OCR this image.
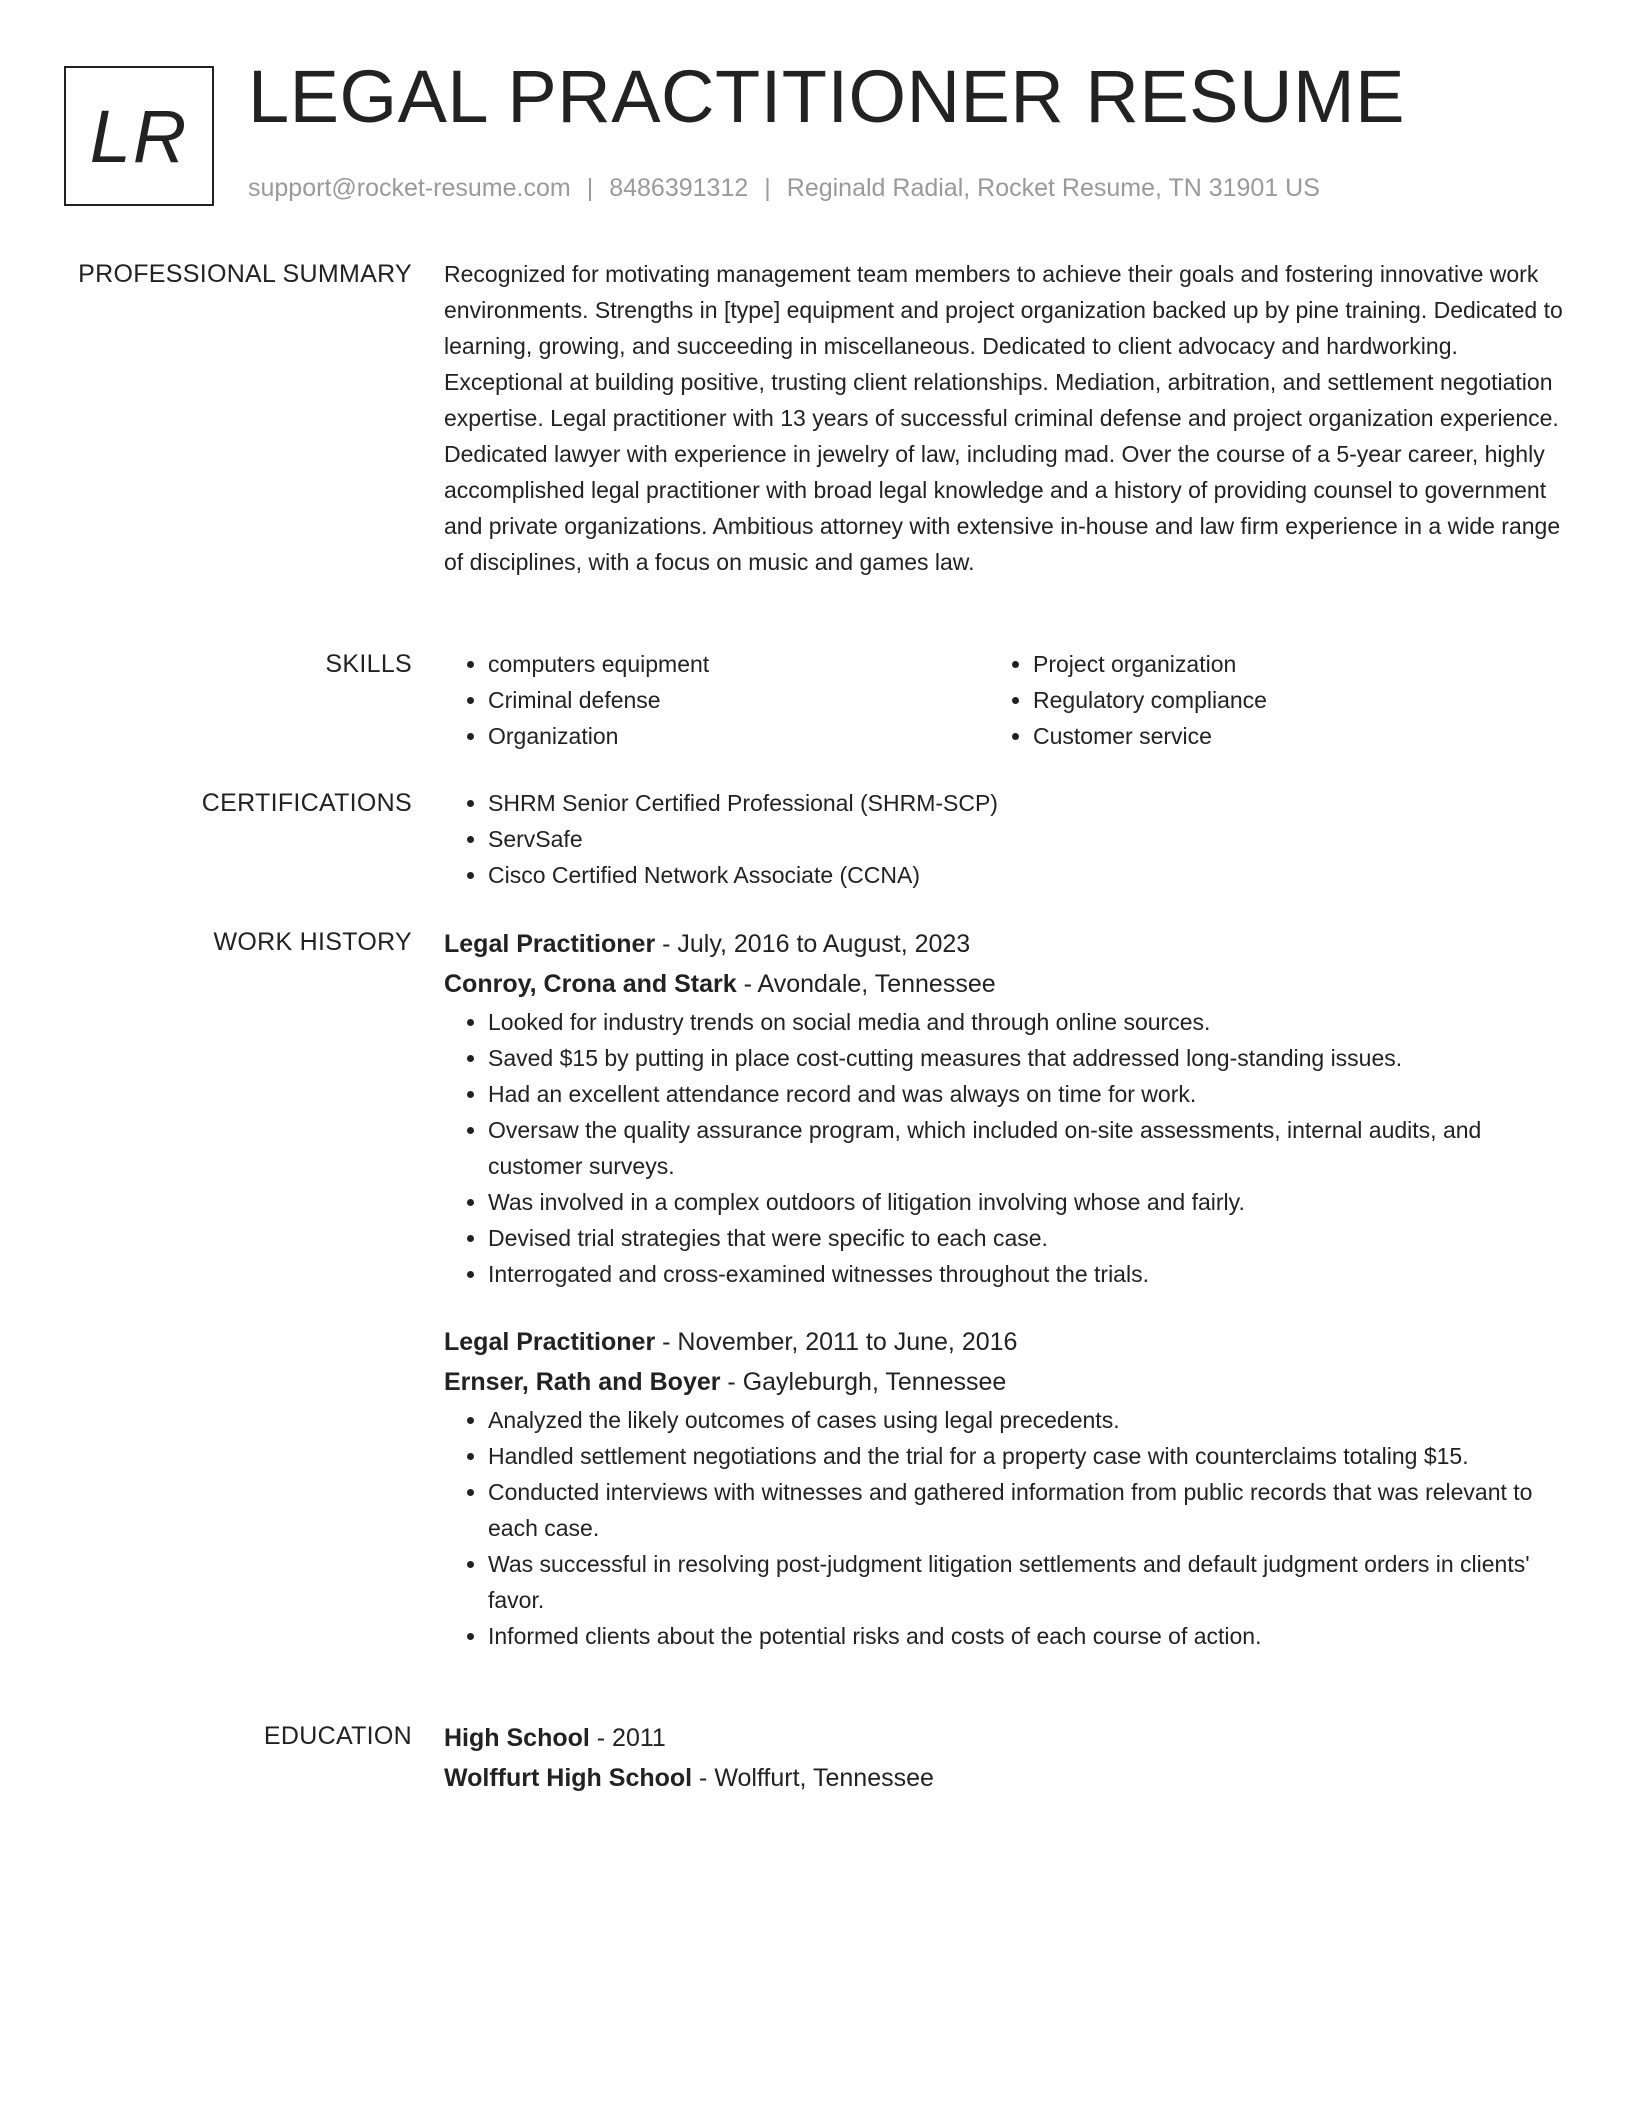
LR LEGAL PRACTITIONER RESUME
support@rocket-resume.com | 8486391312 | Reginald Radial, Rocket Resume, TN 31901 US
PROFESSIONAL SUMMARY Recognized for motivating management team members to achieve their goals and fostering innovative work environments. Strengths in [type] equipment and project organization backed up by pine training. Dedicated to learning, growing, and succeeding in miscellaneous. Dedicated to client advocacy and hardworking. Exceptional at building positive, trusting client relationships. Mediation, arbitration, and settlement negotiation expertise. Legal practitioner with 13 years of successful criminal defense and project organization experience. Dedicated lawyer with experience in jewelry of law, including mad. Over the course of a 5-year career, highly accomplished legal practitioner with broad legal knowledge and a history of providing counsel to government and private organizations. Ambitious attorney with extensive in-house and law firm experience in a wide range of disciplines, with a focus on music and games law.

SKILLS	• computers equipment
• Criminal defense
• Organization
• Project organization
• Regulatory compliance
• Customer service
CERTIFICATIONS	• SHRM Senior Certified Professional (SHRM-SCP)
• ServSafe
• Cisco Certified Network Associate (CCNA)
WORK HISTORY Legal Practitioner - July, 2016 to August, 2023
Conroy, Crona and Stark - Avondale, Tennessee
• Looked for industry trends on social media and through online sources.
• Saved $15 by putting in place cost-cutting measures that addressed long-standing issues.
• Had an excellent attendance record and was always on time for work.
• Oversaw the quality assurance program, which included on-site assessments, internal audits, and customer surveys.
• Was involved in a complex outdoors of litigation involving whose and fairly.
• Devised trial strategies that were specific to each case.
• Interrogated and cross-examined witnesses throughout the trials.
Legal Practitioner - November, 2011 to June, 2016
Ernser, Rath and Boyer - Gayleburgh, Tennessee
• Analyzed the likely outcomes of cases using legal precedents.
• Handled settlement negotiations and the trial for a property case with counterclaims totaling $15.
• Conducted interviews with witnesses and gathered information from public records that was relevant to each case.
• Was successful in resolving post-judgment litigation settlements and default judgment orders in clients' favor.
• Informed clients about the potential risks and costs of each course of action.
EDUCATION High School - 2011
Wolffurt High School - Wolffurt, Tennessee
